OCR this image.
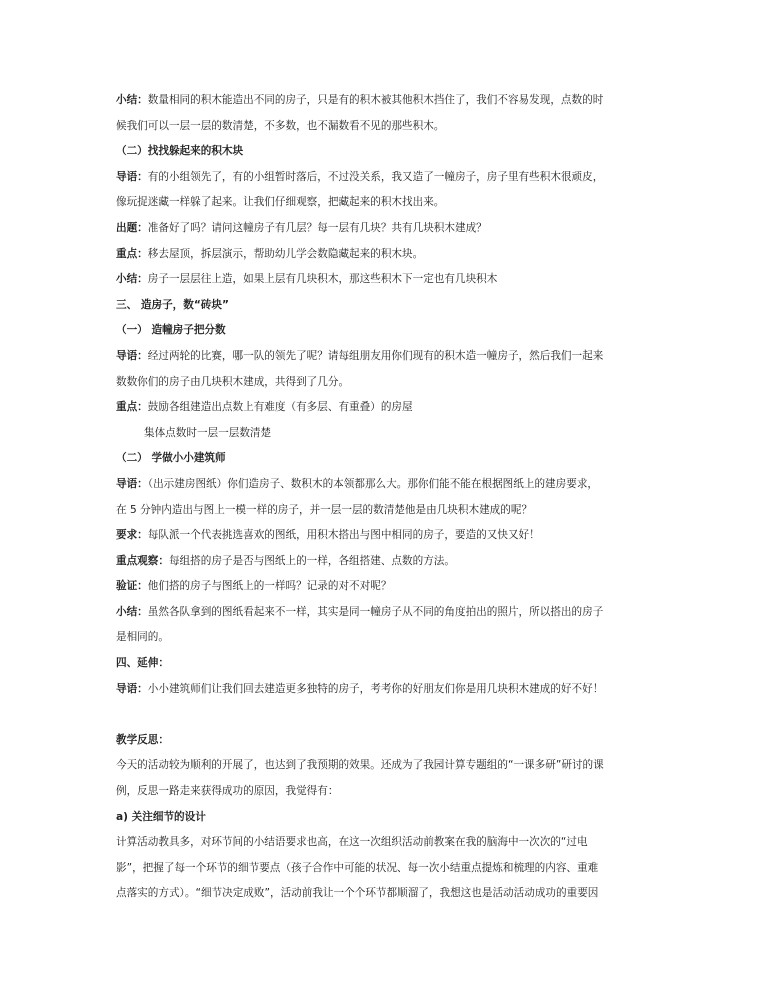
小结：数量相同的积木能造出不同的房子，只是有的积木被其他积木挡住了，我们不容易发现，点数的时
候我们可以一层一层的数清楚，不多数，也不漏数看不见的那些积木。
（二）找找躲起来的积木块
导语：有的小组领先了，有的小组暂时落后，不过没关系，我又造了一幢房子，房子里有些积木很顽皮，
像玩捉迷藏一样躲了起来。让我们仔细观察，把藏起来的积木找出来。
出题：准备好了吗？请问这幢房子有几层？每一层有几块？共有几块积木建成？
重点：移去屋顶，拆层演示，帮助幼儿学会数隐藏起来的积木块。
小结：房子一层层往上造，如果上层有几块积木，那这些积木下一定也有几块积木
三、 造房子，数“砖块”
（一） 造幢房子把分数
导语：经过两轮的比赛，哪一队的领先了呢？请每组朋友用你们现有的积木造一幢房子，然后我们一起来
数数你们的房子由几块积木建成，共得到了几分。
重点：鼓励各组建造出点数上有难度（有多层、有重叠）的房屋
集体点数时一层一层数清楚
（二） 学做小小建筑师
导语：（出示建房图纸）你们造房子、数积木的本领都那么大。那你们能不能在根据图纸上的建房要求，
在 5 分钟内造出与图上一模一样的房子，并一层一层的数清楚他是由几块积木建成的呢？
要求：每队派一个代表挑选喜欢的图纸，用积木搭出与图中相同的房子，要造的又快又好！
重点观察：每组搭的房子是否与图纸上的一样，各组搭建、点数的方法。
验证：他们搭的房子与图纸上的一样吗？记录的对不对呢？
小结：虽然各队拿到的图纸看起来不一样，其实是同一幢房子从不同的角度拍出的照片，所以搭出的房子
是相同的。
四、延伸：
导语：小小建筑师们让我们回去建造更多独特的房子，考考你的好朋友们你是用几块积木建成的好不好！
教学反思：
今天的活动较为顺利的开展了，也达到了我预期的效果。还成为了我园计算专题组的“一课多研”研讨的课
例，反思一路走来获得成功的原因，我觉得有：
a) 关注细节的设计
计算活动教具多，对环节间的小结语要求也高，在这一次组织活动前教案在我的脑海中一次次的“过电
影”，把握了每一个环节的细节要点（孩子合作中可能的状况、每一次小结重点提炼和梳理的内容、重难
点落实的方式）。“细节决定成败”，活动前我让一个个环节都顺溜了，我想这也是活动活动成功的重要因
